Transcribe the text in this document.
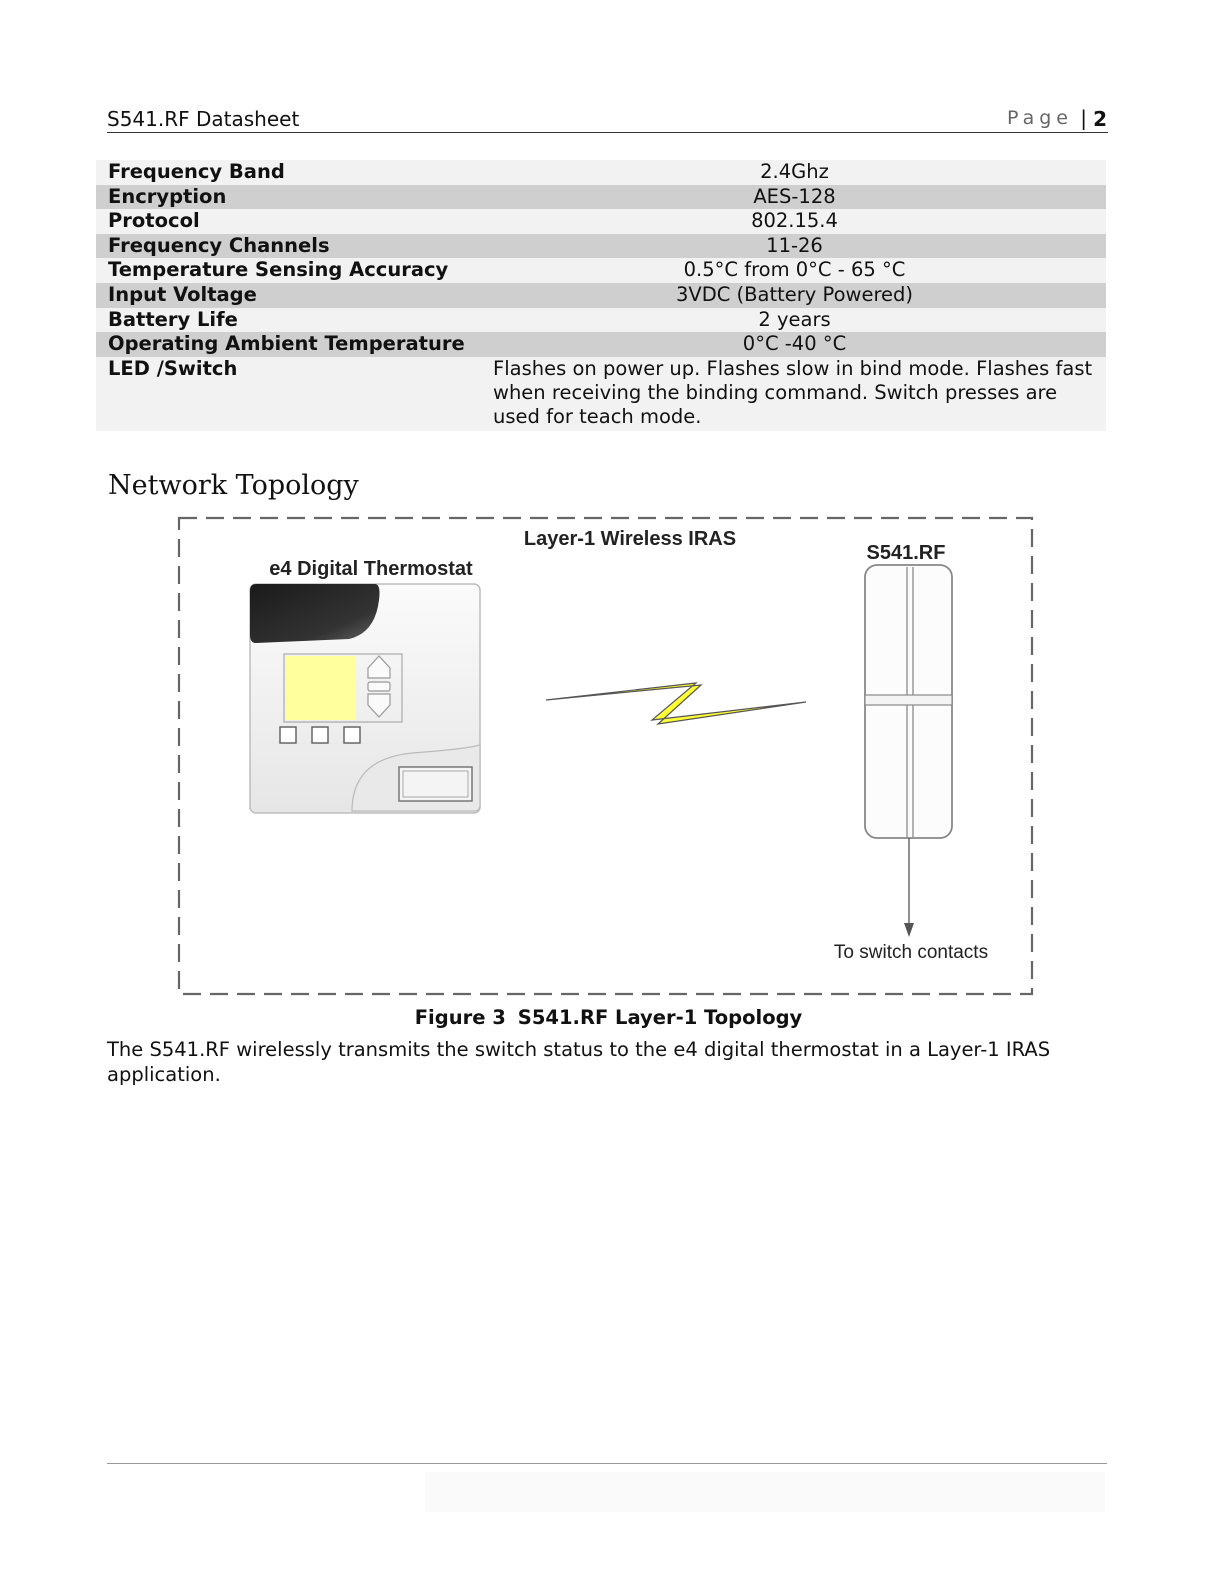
S541.RF Datasheet	Page | 2
Frequency Band	2.4Ghz
Encryption	AES-128
Protocol	802.15.4
Frequency Channels	11-26
Temperature Sensing Accuracy	0.5°C from 0°C - 65 °C
Input Voltage	3VDC (Battery Powered)
Battery Life	2 years
Operating Ambient Temperature	0°C -40 °C
LED /Switch	Flashes on power up. Flashes slow in bind mode. Flashes fast when receiving the binding command. Switch presses are used for teach mode.
Network Topology
Layer-1 Wireless IRAS
e4 Digital Thermostat
S541.RF
To switch contacts
Figure 3 S541.RF Layer-1 Topology
The S541.RF wirelessly transmits the switch status to the e4 digital thermostat in a Layer-1 IRAS application.
